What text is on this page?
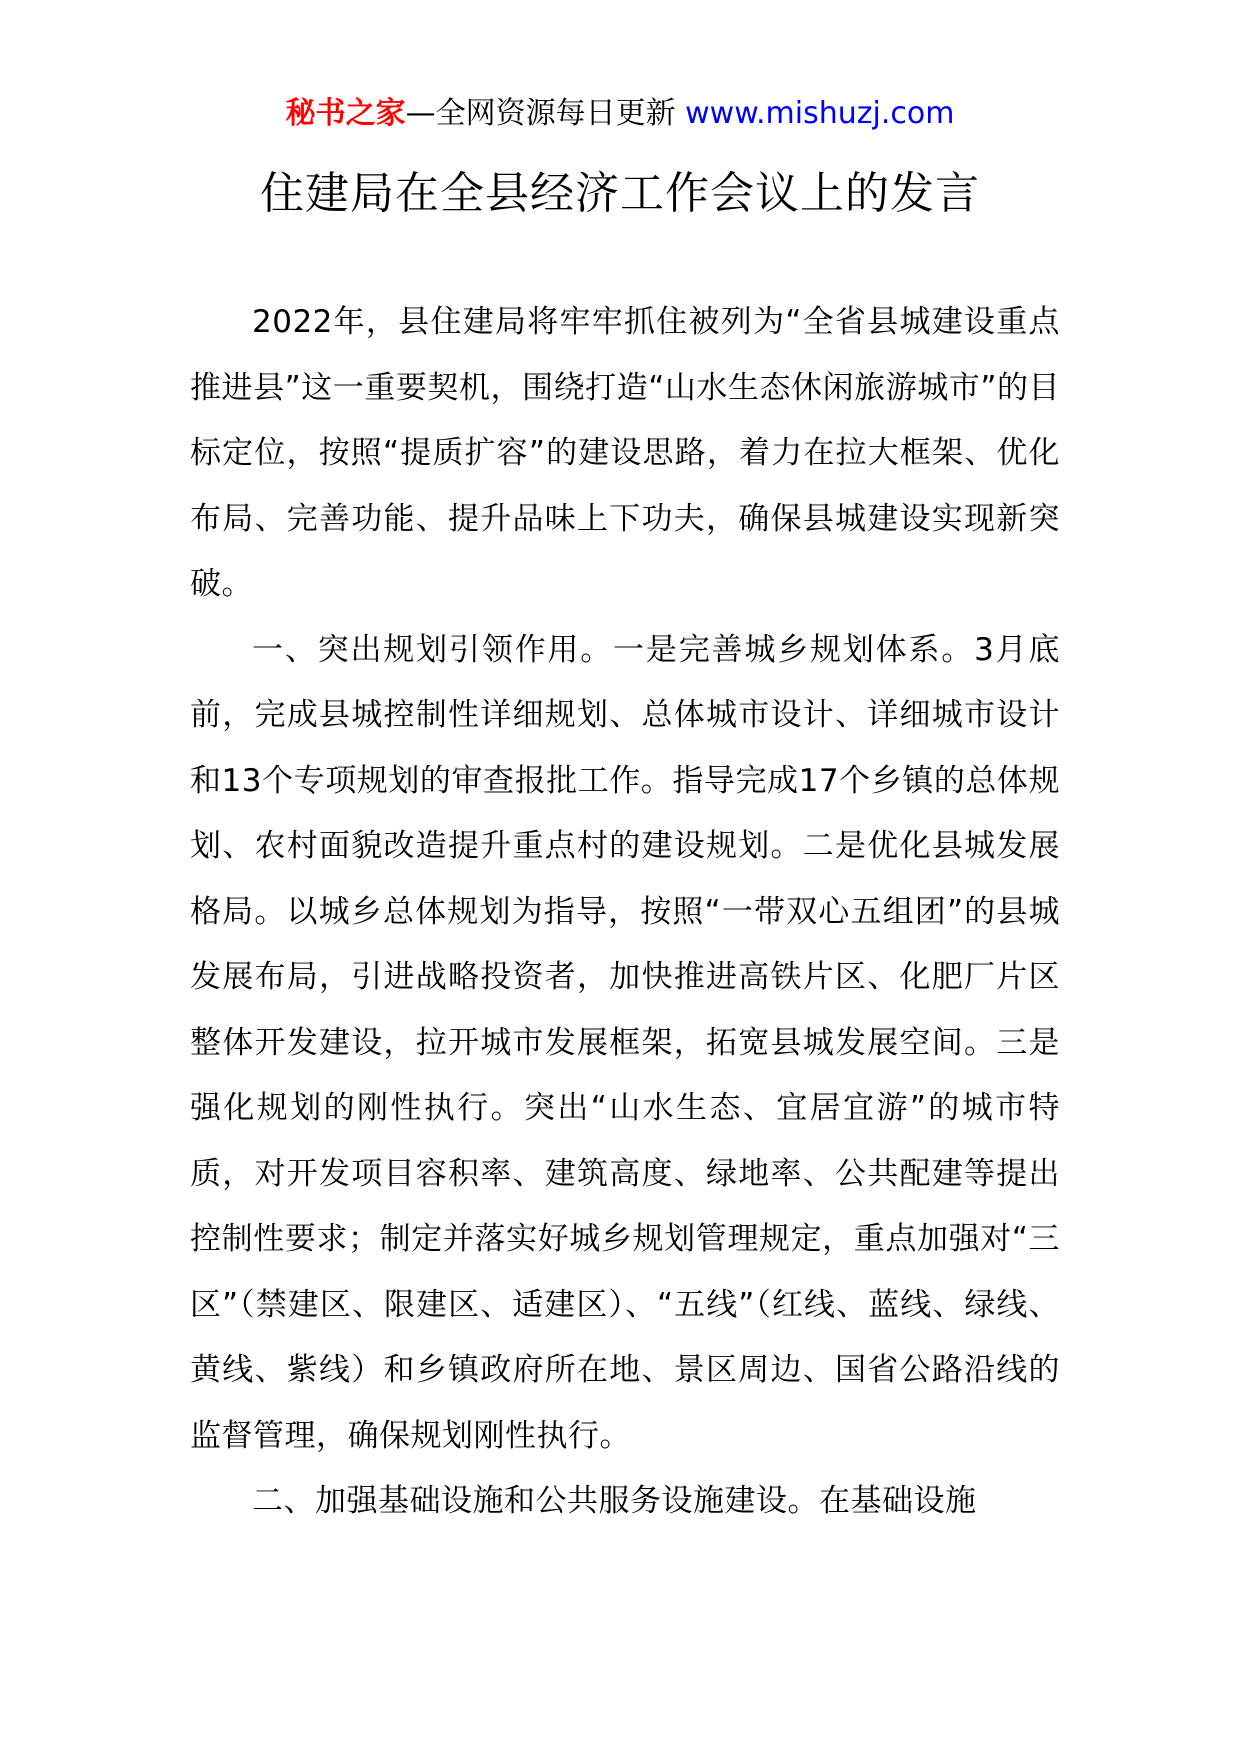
秘书之家—全网资源每日更新 www.mishuzj.com
住建局在全县经济工作会议上的发言

2022年，县住建局将牢牢抓住被列为“全省县城建设重点推进县”这一重要契机，围绕打造“山水生态休闲旅游城市”的目标定位，按照“提质扩容”的建设思路，着力在拉大框架、优化布局、完善功能、提升品味上下功夫，确保县城建设实现新突破。

一、突出规划引领作用。一是完善城乡规划体系。3月底前，完成县城控制性详细规划、总体城市设计、详细城市设计和13个专项规划的审查报批工作。指导完成17个乡镇的总体规划、农村面貌改造提升重点村的建设规划。二是优化县城发展格局。以城乡总体规划为指导，按照“一带双心五组团”的县城发展布局，引进战略投资者，加快推进高铁片区、化肥厂片区整体开发建设，拉开城市发展框架，拓宽县城发展空间。三是强化规划的刚性执行。突出“山水生态、宜居宜游”的城市特质，对开发项目容积率、建筑高度、绿地率、公共配建等提出控制性要求；制定并落实好城乡规划管理规定，重点加强对“三区”（禁建区、限建区、适建区）、“五线”（红线、蓝线、绿线、黄线、紫线）和乡镇政府所在地、景区周边、国省公路沿线的监督管理，确保规划刚性执行。

二、加强基础设施和公共服务设施建设。在基础设施
